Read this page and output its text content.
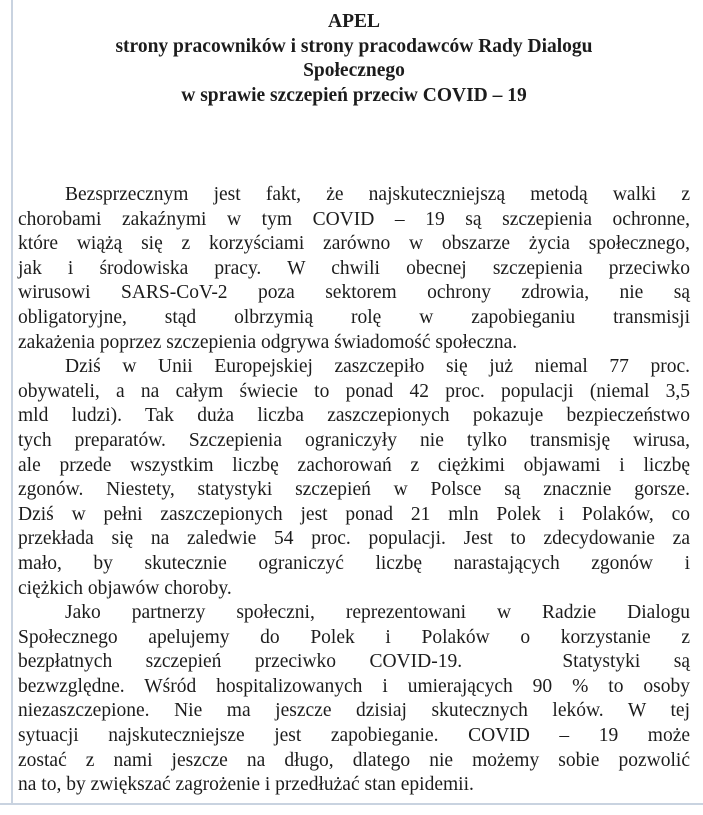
APEL
strony pracowników i strony pracodawców Rady Dialogu
Społecznego
w sprawie szczepień przeciw COVID – 19
Bezsprzecznym jest fakt, że najskuteczniejszą metodą walki z
chorobami zakaźnymi w tym COVID – 19 są szczepienia ochronne,
które wiążą się z korzyściami zarówno w obszarze życia społecznego,
jak i środowiska pracy. W chwili obecnej szczepienia przeciwko
wirusowi SARS-CoV-2 poza sektorem ochrony zdrowia, nie są
obligatoryjne, stąd olbrzymią rolę w zapobieganiu transmisji
zakażenia poprzez szczepienia odgrywa świadomość społeczna.
Dziś w Unii Europejskiej zaszczepiło się już niemal 77 proc.
obywateli, a na całym świecie to ponad 42 proc. populacji (niemal 3,5
mld ludzi). Tak duża liczba zaszczepionych pokazuje bezpieczeństwo
tych preparatów. Szczepienia ograniczyły nie tylko transmisję wirusa,
ale przede wszystkim liczbę zachorowań z ciężkimi objawami i liczbę
zgonów. Niestety, statystyki szczepień w Polsce są znacznie gorsze.
Dziś w pełni zaszczepionych jest ponad 21 mln Polek i Polaków, co
przekłada się na zaledwie 54 proc. populacji. Jest to zdecydowanie za
mało, by skutecznie ograniczyć liczbę narastających zgonów i
ciężkich objawów choroby.
Jako partnerzy społeczni, reprezentowani w Radzie Dialogu
Społecznego apelujemy do Polek i Polaków o korzystanie z
bezpłatnych szczepień przeciwko COVID-19.   Statystyki są
bezwzględne. Wśród hospitalizowanych i umierających 90 % to osoby
niezaszczepione. Nie ma jeszcze dzisiaj skutecznych leków. W tej
sytuacji najskuteczniejsze jest zapobieganie. COVID – 19 może
zostać z nami jeszcze na długo, dlatego nie możemy sobie pozwolić
na to, by zwiększać zagrożenie i przedłużać stan epidemii.
